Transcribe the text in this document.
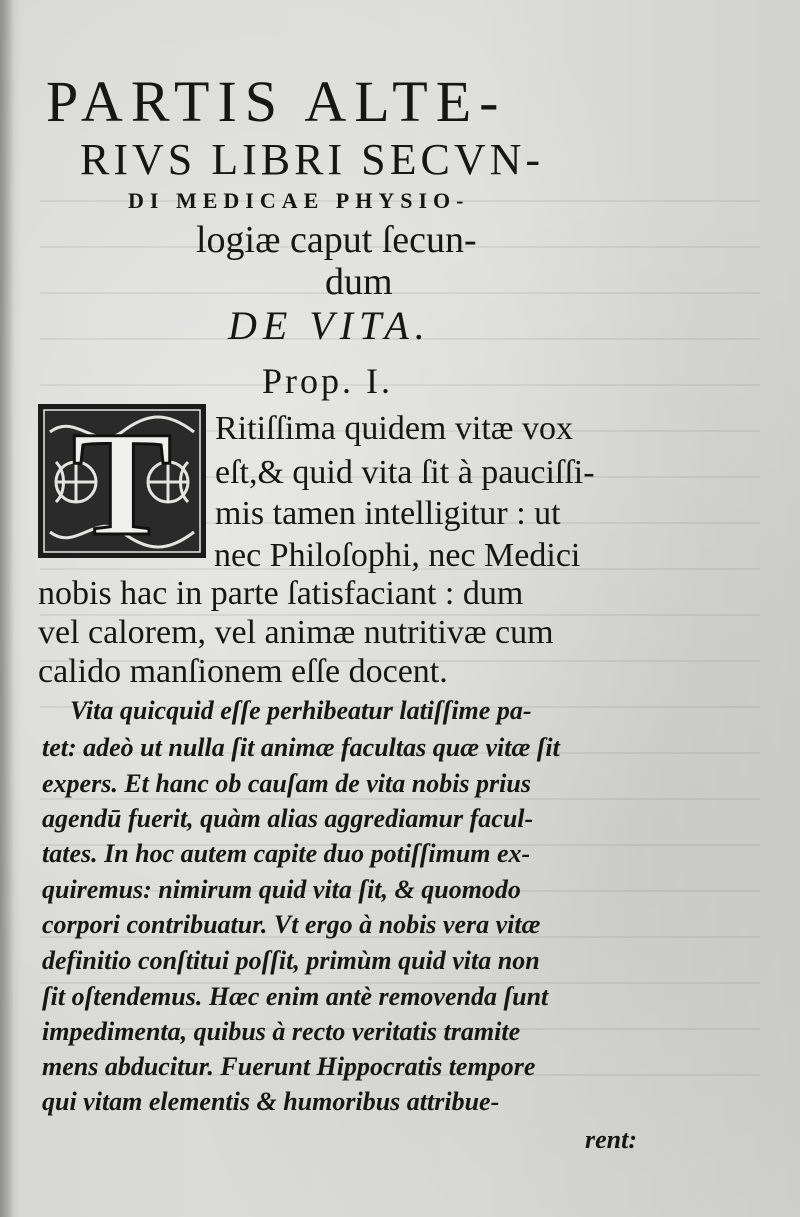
PARTIS ALTE-
RIVS LIBRI SECVN-
DI MEDICAE PHYSIO-
logiæ caput ſecun-
dum
DE VITA.
Prop. I.
T Ritiſſima quidem vitæ vox
eſt,& quid vita ſit à pauciſſi-
mis tamen intelligitur : ut
nec Philoſophi, nec Medici
nobis hac in parte ſatisfaciant : dum
vel calorem, vel animæ nutritivæ cum
calido manſionem eſſe docent.
Vita quicquid eſſe perhibeatur latiſſime pa-
tet: adeò ut nulla ſit animæ facultas quæ vitæ ſit
expers. Et hanc ob cauſam de vita nobis prius
agendū fuerit, quàm alias aggrediamur facul-
tates. In hoc autem capite duo potiſſimum ex-
quiremus: nimirum quid vita ſit, & quomodo
corpori contribuatur. Vt ergo à nobis vera vitæ
definitio conſtitui poſſit, primùm quid vita non
ſit oſtendemus. Hæc enim antè removenda ſunt
impedimenta, quibus à recto veritatis tramite
mens abducitur. Fuerunt Hippocratis tempore
qui vitam elementis & humoribus attribue-
rent:
